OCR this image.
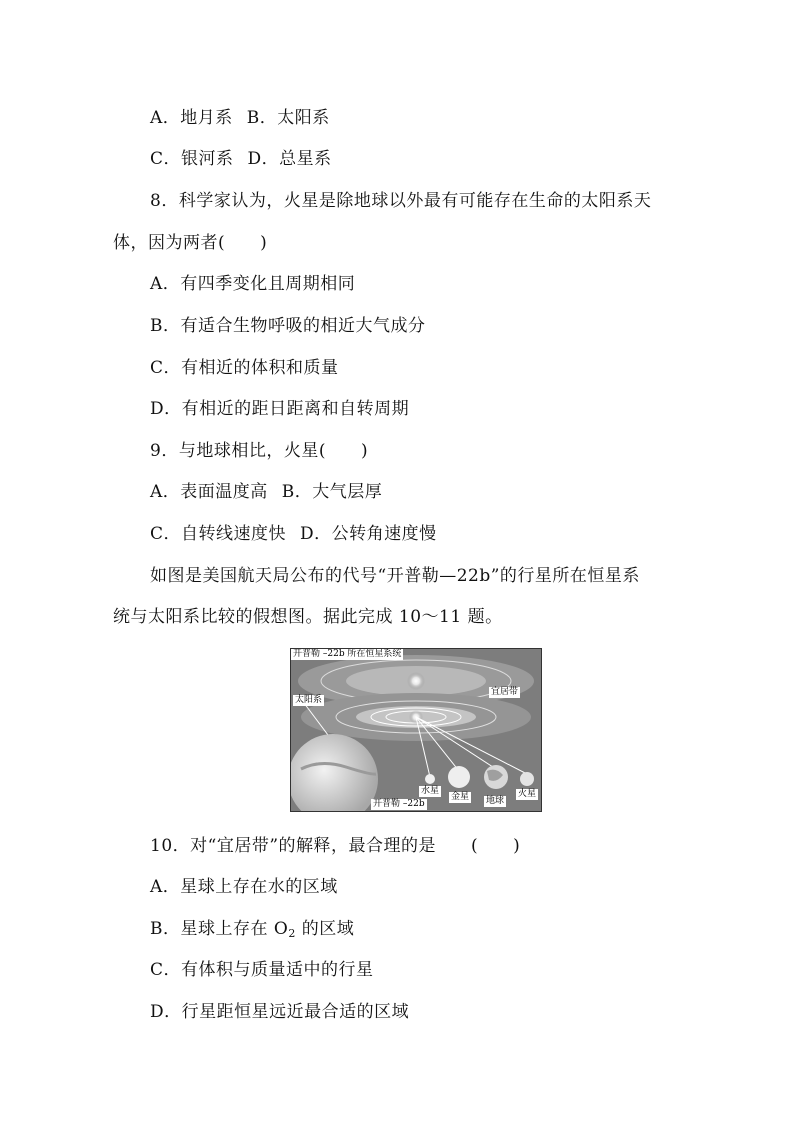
A．地月系 B．太阳系
C．银河系 D．总星系
8．科学家认为，火星是除地球以外最有可能存在生命的太阳系天
体，因为两者(　　)
A．有四季变化且周期相同
B．有适合生物呼吸的相近大气成分
C．有相近的体积和质量
D．有相近的距日距离和自转周期
9．与地球相比，火星(　　)
A．表面温度高 B．大气层厚
C．自转线速度快 D．公转角速度慢
如图是美国航天局公布的代号“开普勒—22b”的行星所在恒星系
统与太阳系比较的假想图。据此完成 10～11 题。
开普勒 –22b 所在恒星系统
宜居带
太阳系
水星
金星 地球
火星
开普勒 –22b
10．对“宜居带”的解释，最合理的是　　(　　)
A．星球上存在水的区域
B．星球上存在 $O_2$ 的区域
C．有体积与质量适中的行星
D．行星距恒星远近最合适的区域
